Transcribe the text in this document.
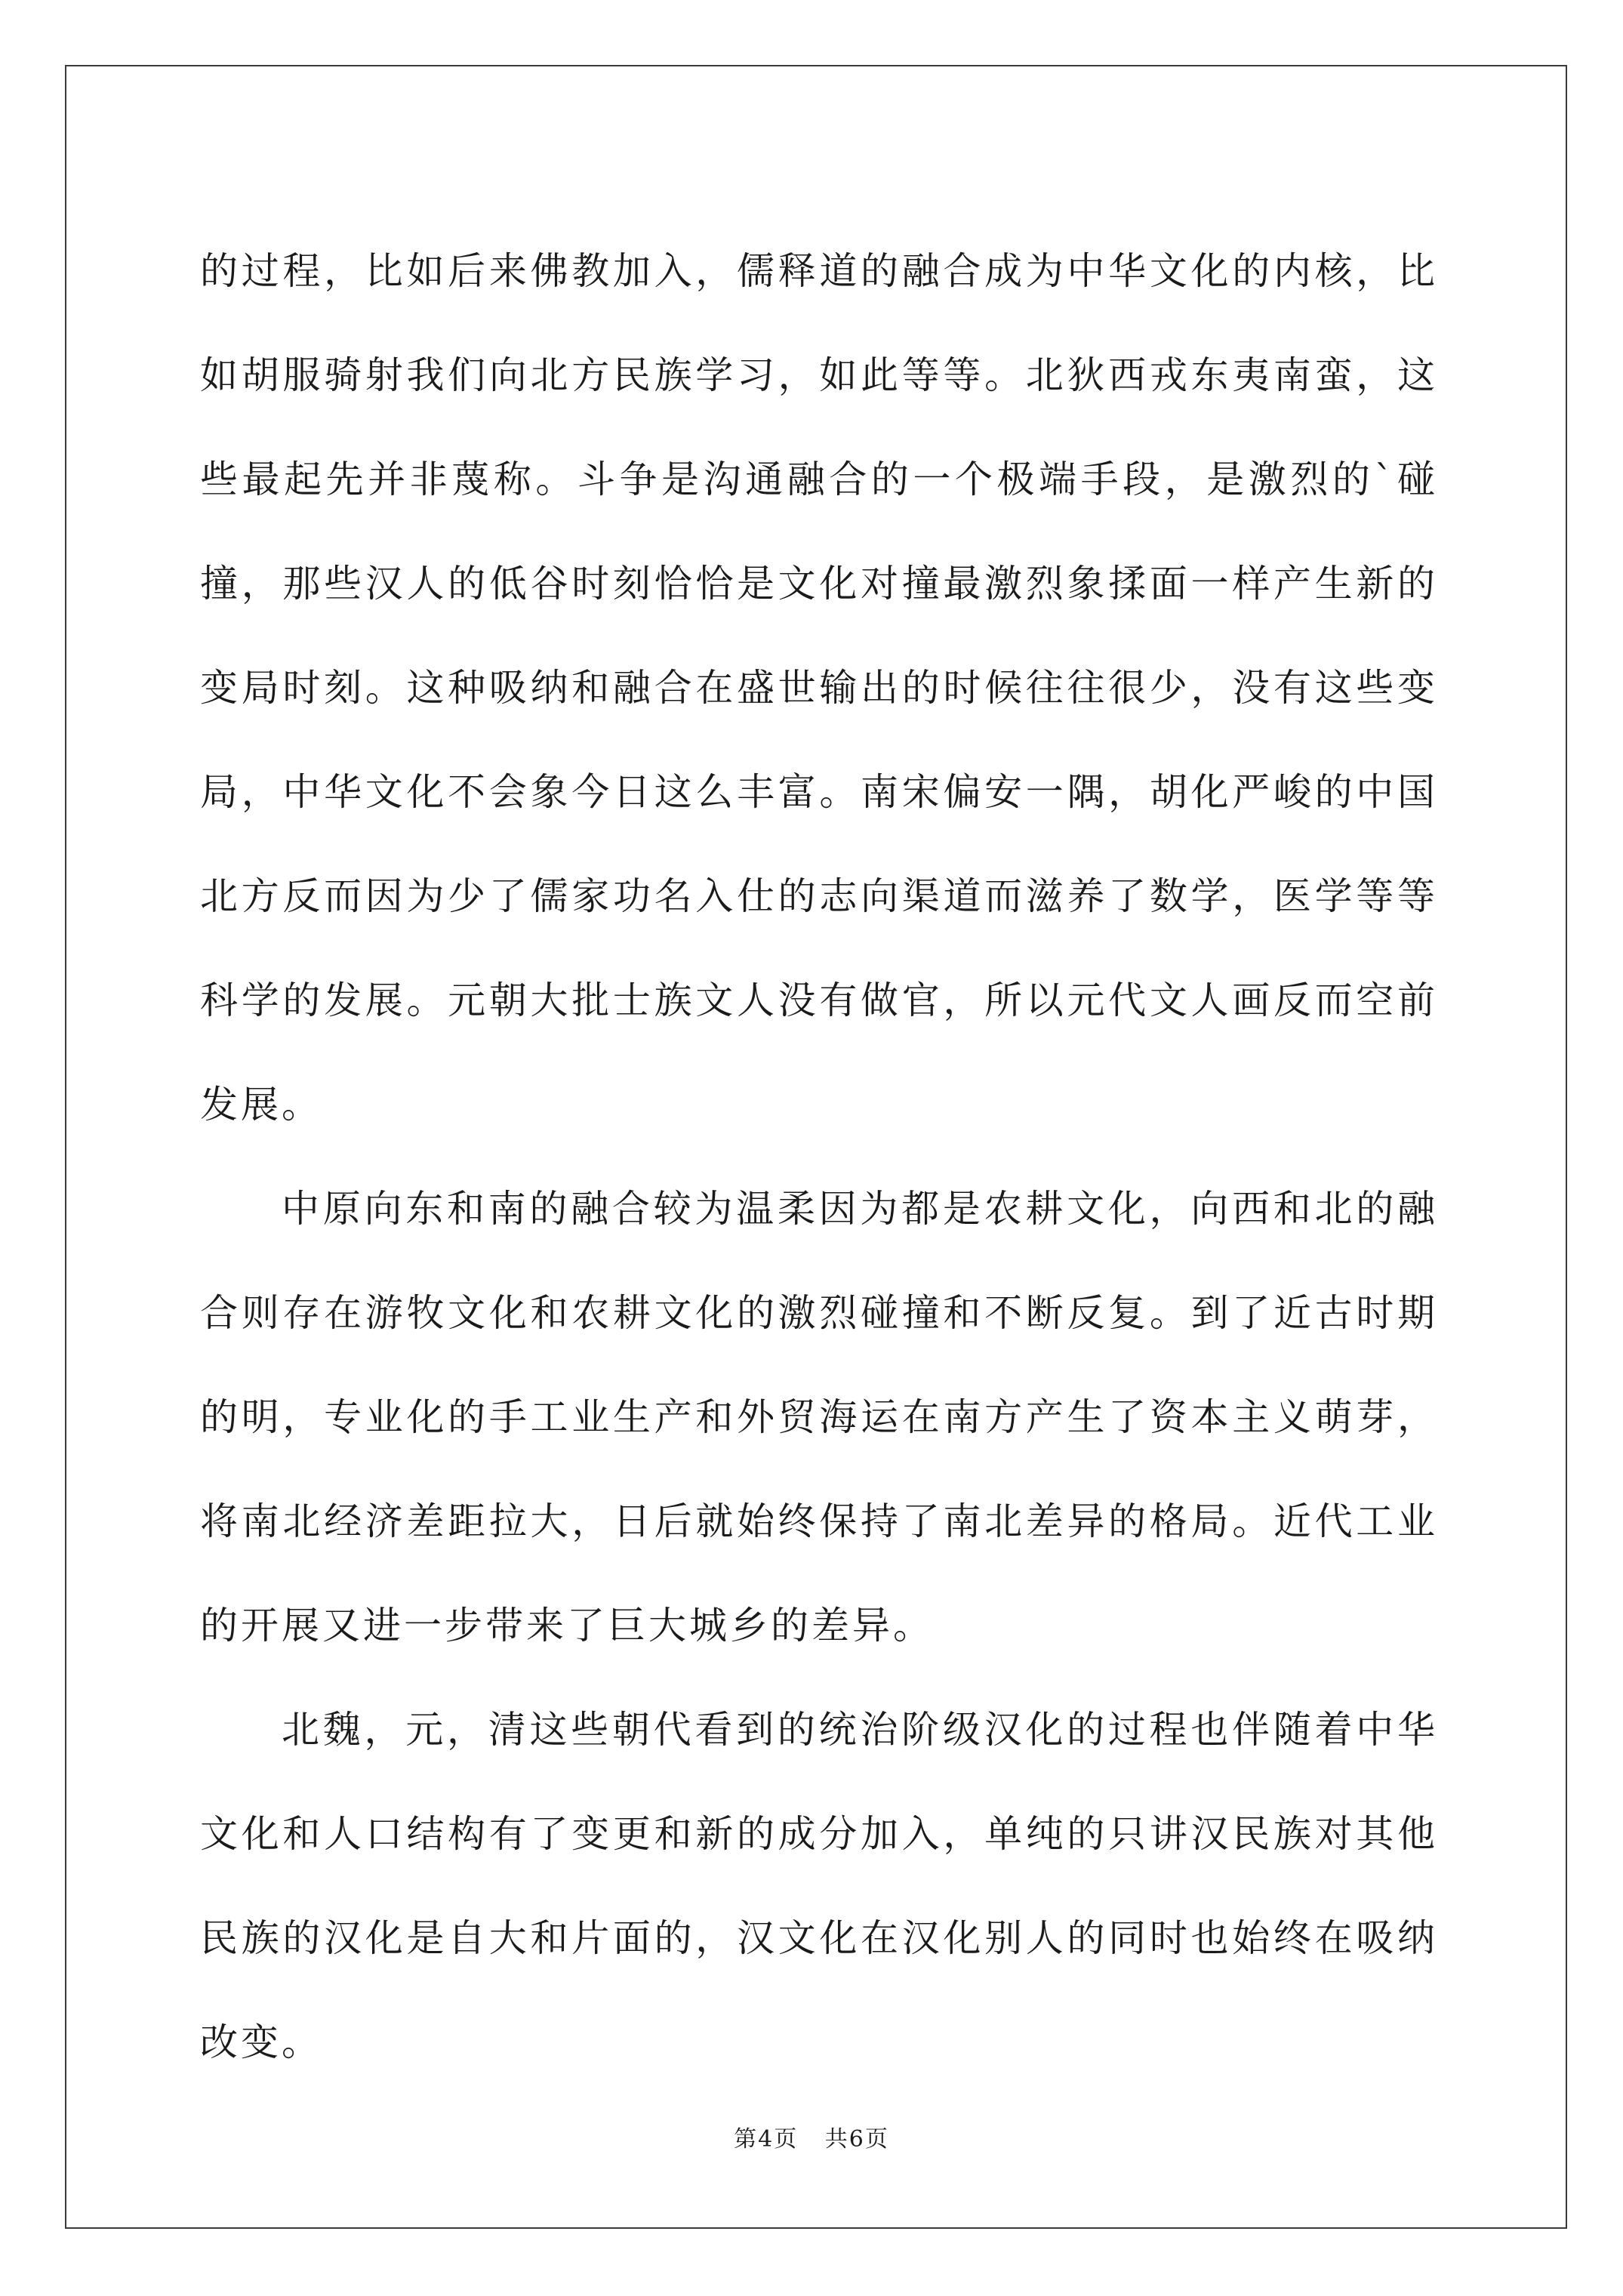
的过程，比如后来佛教加入，儒释道的融合成为中华文化的内核，比如胡服骑射我们向北方民族学习，如此等等。北狄西戎东夷南蛮，这些最起先并非蔑称。斗争是沟通融合的一个极端手段，是激烈的`碰撞，那些汉人的低谷时刻恰恰是文化对撞最激烈象揉面一样产生新的变局时刻。这种吸纳和融合在盛世输出的时候往往很少，没有这些变局，中华文化不会象今日这么丰富。南宋偏安一隅，胡化严峻的中国北方反而因为少了儒家功名入仕的志向渠道而滋养了数学，医学等等科学的发展。元朝大批士族文人没有做官，所以元代文人画反而空前发展。

中原向东和南的融合较为温柔因为都是农耕文化，向西和北的融合则存在游牧文化和农耕文化的激烈碰撞和不断反复。到了近古时期的明，专业化的手工业生产和外贸海运在南方产生了资本主义萌芽，将南北经济差距拉大，日后就始终保持了南北差异的格局。近代工业的开展又进一步带来了巨大城乡的差异。

北魏，元，清这些朝代看到的统治阶级汉化的过程也伴随着中华文化和人口结构有了变更和新的成分加入，单纯的只讲汉民族对其他民族的汉化是自大和片面的，汉文化在汉化别人的同时也始终在吸纳改变。

第4页 共6页
